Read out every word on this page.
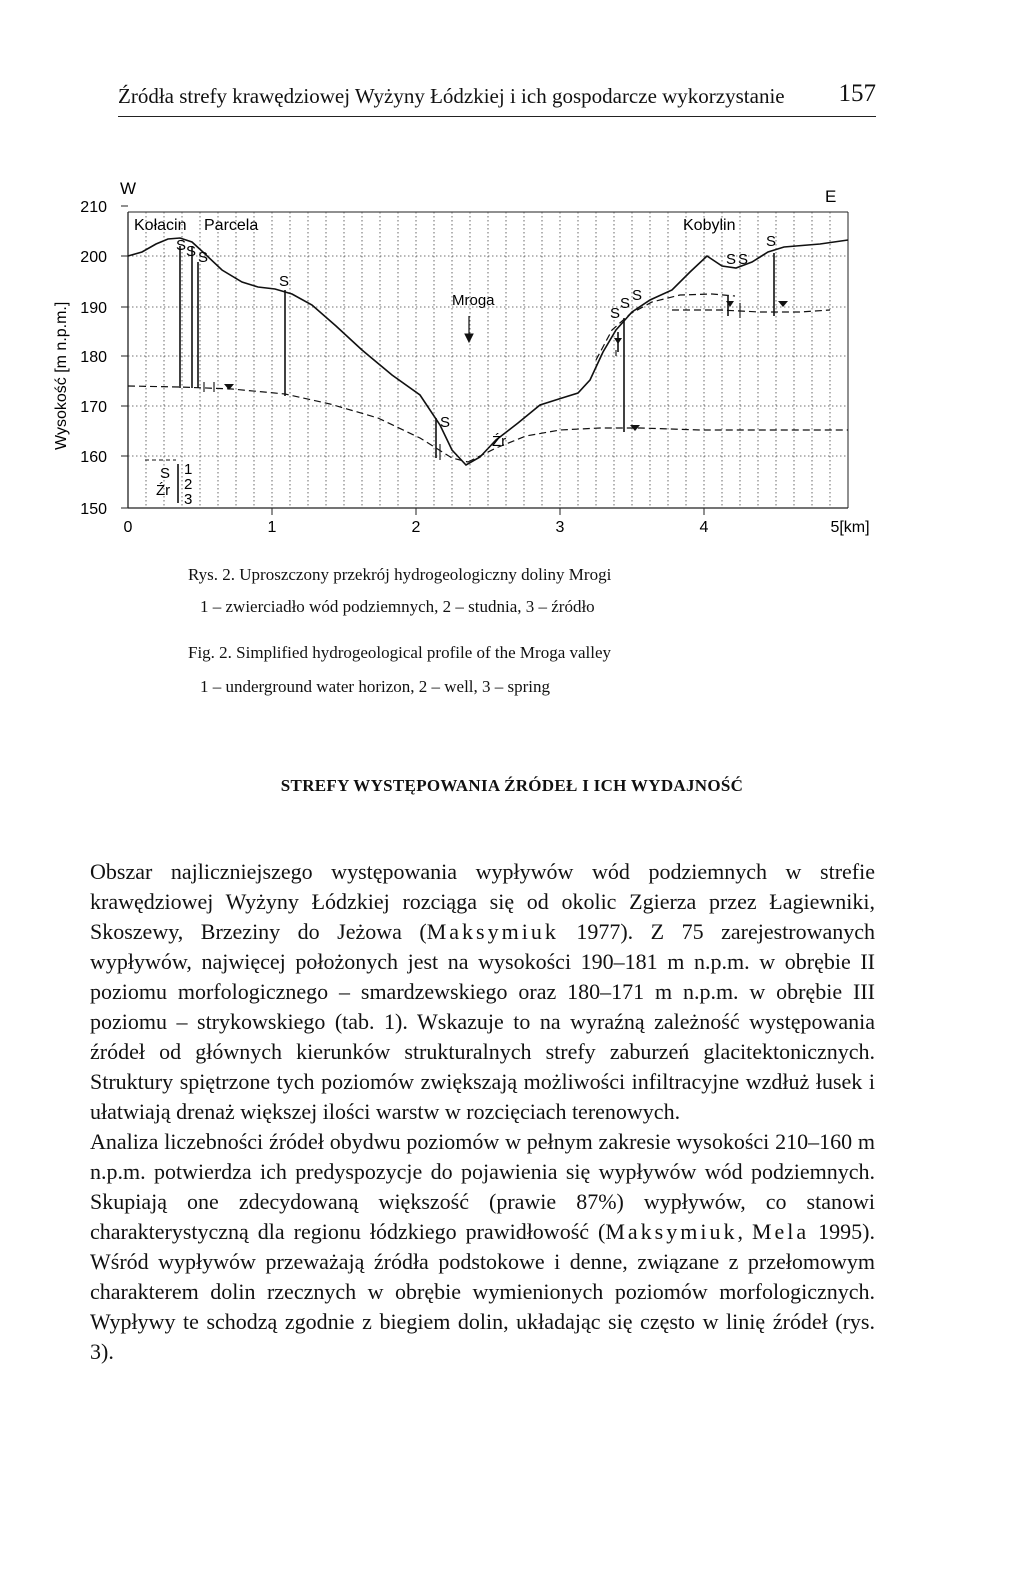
Źródła strefy krawędziowej Wyżyny Łódzkiej i ich gospodarcze wykorzystanie 157
Wysokość [m n.p.m.]
210
200
190
180
170
160
150
0	1	2	3	4	5[km]
W	E
Kołacin Parcela	Kobylin
Mroga
S S S
S
S
Źr
S
S S
S S
S
S
Źr
1
2
3
Rys. 2. Uproszczony przekrój hydrogeologiczny doliny Mrogi
1 – zwierciadło wód podziemnych, 2 – studnia, 3 – źródło
Fig. 2. Simplified hydrogeological profile of the Mroga valley
1 – underground water horizon, 2 – well, 3 – spring
STREFY WYSTĘPOWANIA ŹRÓDEŁ I ICH WYDAJNOŚĆ

Obszar najliczniejszego występowania wypływów wód podziemnych w strefie krawędziowej Wyżyny Łódzkiej rozciąga się od okolic Zgierza przez Łagiewniki, Skoszewy, Brzeziny do Jeżowa (Maksymiuk 1977). Z 75 zarejestrowanych wypływów, najwięcej położonych jest na wysokości 190–181 m n.p.m. w obrębie II poziomu morfologicznego – smardzewskiego oraz 180–171 m n.p.m. w obrębie III poziomu – strykowskiego (tab. 1). Wskazuje to na wyraźną zależność występowania źródeł od głównych kierunków strukturalnych strefy zaburzeń glacitektonicznych. Struktury spiętrzone tych poziomów zwiększają możliwości infiltracyjne wzdłuż łusek i ułatwiają drenaż większej ilości warstw w rozcięciach terenowych.

Analiza liczebności źródeł obydwu poziomów w pełnym zakresie wysokości 210–160 m n.p.m. potwierdza ich predyspozycje do pojawienia się wypływów wód podziemnych. Skupiają one zdecydowaną większość (prawie 87%) wypływów, co stanowi charakterystyczną dla regionu łódzkiego prawidłowość (Maksymiuk, Mela 1995). Wśród wypływów przeważają źródła podstokowe i denne, związane z przełomowym charakterem dolin rzecznych w obrębie wymienionych poziomów morfologicznych. Wypływy te schodzą zgodnie z biegiem dolin, układając się często w linię źródeł (rys. 3).
